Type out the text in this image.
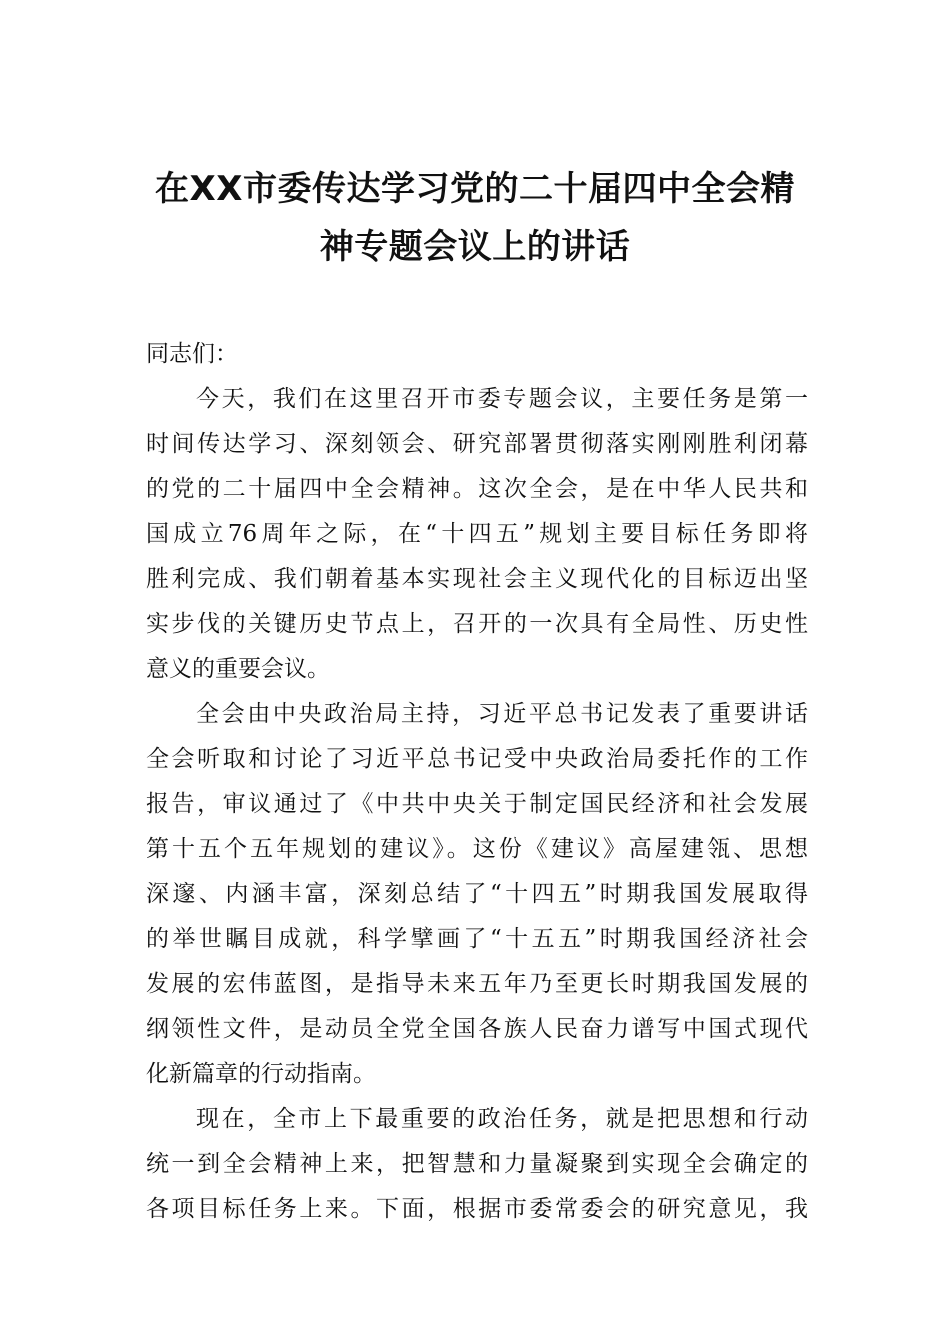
在XX市委传达学习党的二十届四中全会精
神专题会议上的讲话

同志们：

今天，我们在这里召开市委专题会议，主要任务是第一
时间传达学习、深刻领会、研究部署贯彻落实刚刚胜利闭幕
的党的二十届四中全会精神。这次全会，是在中华人民共和
国成立76周年之际，在“十四五”规划主要目标任务即将
胜利完成、我们朝着基本实现社会主义现代化的目标迈出坚
实步伐的关键历史节点上，召开的一次具有全局性、历史性
意义的重要会议。

全会由中央政治局主持，习近平总书记发表了重要讲话
全会听取和讨论了习近平总书记受中央政治局委托作的工作
报告，审议通过了《中共中央关于制定国民经济和社会发展
第十五个五年规划的建议》。这份《建议》高屋建瓴、思想
深邃、内涵丰富，深刻总结了“十四五”时期我国发展取得
的举世瞩目成就，科学擘画了“十五五”时期我国经济社会
发展的宏伟蓝图，是指导未来五年乃至更长时期我国发展的
纲领性文件，是动员全党全国各族人民奋力谱写中国式现代
化新篇章的行动指南。

现在，全市上下最重要的政治任务，就是把思想和行动
统一到全会精神上来，把智慧和力量凝聚到实现全会确定的
各项目标任务上来。下面，根据市委常委会的研究意见，我
